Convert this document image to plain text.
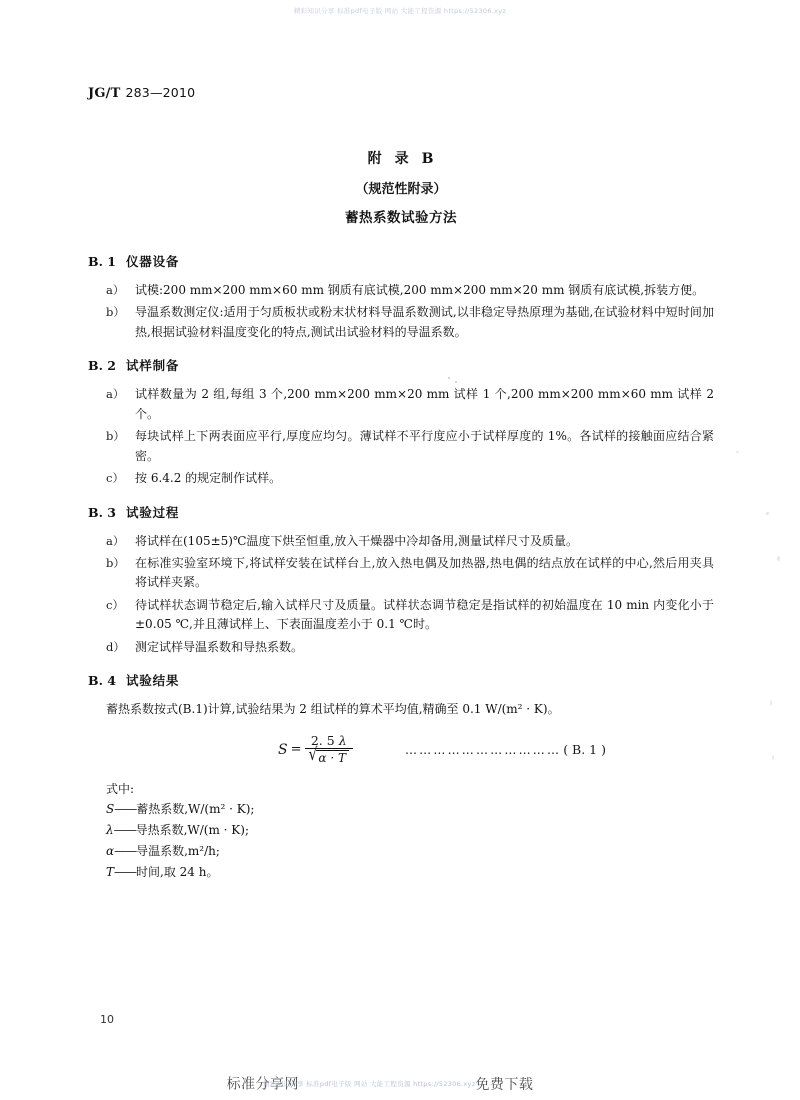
精彩知识分享 标准pdf电子版 网站 大能工程资源 https://52306.xyz
JG/T 283—2010
附 录 B
（规范性附录）
蓄热系数试验方法
B. 1 仪器设备
a） 试模:200 mm×200 mm×60 mm 钢质有底试模,200 mm×200 mm×20 mm 钢质有底试模,拆装方便。
b） 导温系数测定仪:适用于匀质板状或粉末状材料导温系数测试,以非稳定导热原理为基础,在试验材料中短时间加热,根据试验材料温度变化的特点,测试出试验材料的导温系数。
B. 2 试样制备
a） 试样数量为 2 组,每组 3 个,200 mm×200 mm×20 mm 试样 1 个,200 mm×200 mm×60 mm 试样 2 个。
b） 每块试样上下两表面应平行,厚度应均匀。薄试样不平行度应小于试样厚度的 1%。各试样的接触面应结合紧密。
c） 按 6.4.2 的规定制作试样。
B. 3 试验过程
a） 将试样在(105±5)℃温度下烘至恒重,放入干燥器中冷却备用,测量试样尺寸及质量。
b） 在标准实验室环境下,将试样安装在试样台上,放入热电偶及加热器,热电偶的结点放在试样的中心,然后用夹具将试样夹紧。
c） 待试样状态调节稳定后,输入试样尺寸及质量。试样状态调节稳定是指试样的初始温度在 10 min 内变化小于±0.05 ℃,并且薄试样上、下表面温度差小于 0.1 ℃时。
d） 测定试样导温系数和导热系数。
B. 4 试验结果
蓄热系数按式(B.1)计算,试验结果为 2 组试样的算术平均值,精确至 0.1 W/(m² · K)。
$S = \frac{2. 5 \lambda}{√ \alpha \cdot T}$	…………………………… ( B. 1 )
式中:
S——蓄热系数,W/(m² · K);
λ——导热系数,W/(m · K);
α——导温系数,m²/h;
T——时间,取 24 h。
10
标准分享网精彩知识分享 标准pdf电子版 网站 大能工程资源 https://52306.xyz免费下载
